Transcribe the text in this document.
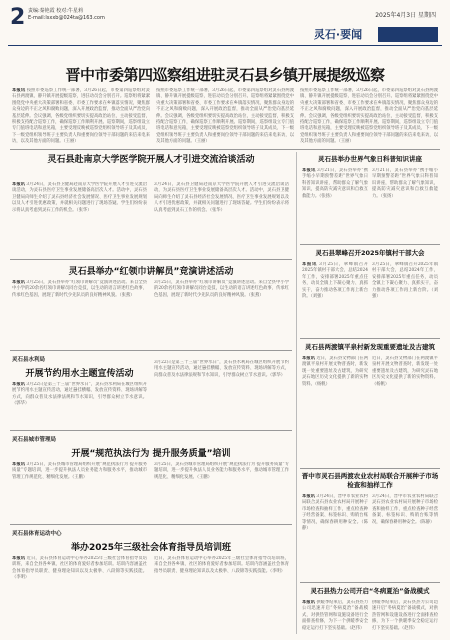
2 责编:秦艳霞 校对:牛星莉
E-mail:lsxxb@024ta@163.com	2025年4月3日 星期四
灵石·要闻
晋中市委第四巡察组进驻灵石县乡镇开展提级巡察
本报讯 按照市委巡察工作统一部署，3月26日起，市委第四巡察组对灵石县两渡镇、静升镇开展提级巡察，进驻动员会分别召开。巡察组将紧紧围绕党中央重大决策部署和省委、市委工作要求在乡镇落实情况，聚焦群众身边的不正之风和腐败问题，深入开展政治监督，推动全面从严治党向基层延伸。会议强调，各级党组织要切实提高政治站位，主动接受监督，积极支持配合巡察工作，确保巡察工作顺利开展。巡察期间，巡察组设立专门值班电话和意见箱，主要受理反映被巡察党组织领导班子及其成员、下一级党组织领导班子主要负责人和重要岗位领导干部问题的来信来电来访，以及其他方面的问题。（王丽）
按照市委巡察工作统一部署，3月26日起，市委第四巡察组对灵石县两渡镇、静升镇开展提级巡察，进驻动员会分别召开。巡察组将紧紧围绕党中央重大决策部署和省委、市委工作要求在乡镇落实情况，聚焦群众身边的不正之风和腐败问题，深入开展政治监督，推动全面从严治党向基层延伸。会议强调，各级党组织要切实提高政治站位，主动接受监督，积极支持配合巡察工作，确保巡察工作顺利开展。巡察期间，巡察组设立专门值班电话和意见箱，主要受理反映被巡察党组织领导班子及其成员、下一级党组织领导班子主要负责人和重要岗位领导干部问题的来信来电来访，以及其他方面的问题。（王丽）
按照市委巡察工作统一部署，3月26日起，市委第四巡察组对灵石县两渡镇、静升镇开展提级巡察，进驻动员会分别召开。巡察组将紧紧围绕党中央重大决策部署和省委、市委工作要求在乡镇落实情况，聚焦群众身边的不正之风和腐败问题，深入开展政治监督，推动全面从严治党向基层延伸。会议强调，各级党组织要切实提高政治站位，主动接受监督，积极支持配合巡察工作，确保巡察工作顺利开展。巡察期间，巡察组设立专门值班电话和意见箱，主要受理反映被巡察党组织领导班子及其成员、下一级党组织领导班子主要负责人和重要岗位领导干部问题的来信来电来访，以及其他方面的问题。（王丽）
灵石县赴南京大学医学院开展人才引进交流洽谈活动
本报讯 3月24日，灵石县卫健局赴南京大学医学院开展人才引进交流洽谈活动，为灵石县医疗卫生事业发展储备高层次人才。活动中，灵石县卫健局向师生介绍了灵石县经济社会发展情况、医疗卫生事业发展规划以及人才引进优惠政策，并就相关问题进行了现场答疑。学生们纷纷表示将认真考虑到灵石工作的机会。（张华）
3月24日，灵石县卫健局赴南京大学医学院开展人才引进交流洽谈活动，为灵石县医疗卫生事业发展储备高层次人才。活动中，灵石县卫健局向师生介绍了灵石县经济社会发展情况、医疗卫生事业发展规划以及人才引进优惠政策，并就相关问题进行了现场答疑。学生们纷纷表示将认真考虑到灵石工作的机会。（张华）
灵石县举办“红领巾讲解员”竞演讲述活动
本报讯 3月25日，灵石县举办“红领巾讲解员”竞演讲述活动。来自全县中小学的20余名红领巾讲解员同台竞技，以生动的语言讲述红色故事、传承红色基因，展现了新时代少先队员的良好精神风貌。（张燕）
3月25日，灵石县举办“红领巾讲解员”竞演讲述活动。来自全县中小学的20余名红领巾讲解员同台竞技，以生动的语言讲述红色故事、传承红色基因，展现了新时代少先队员的良好精神风貌。（张燕）
灵石县水利局
开展节约用水主题宣传活动
本报讯 3月22日是第三十三届“世界水日”，灵石县水利局在城区组织开展节约用水主题宣传活动，通过悬挂横幅、发放宣传资料、现场讲解等方式，向群众普及水法律法规和节水知识，引导群众树立节水意识。（郭华）
3月22日是第三十三届“世界水日”，灵石县水利局在城区组织开展节约用水主题宣传活动，通过悬挂横幅、发放宣传资料、现场讲解等方式，向群众普及水法律法规和节水知识，引导群众树立节水意识。（郭华）
灵石县城市管理局
开展“规范执法行为 提升服务质量”培训
本报讯 3月25日，灵石县城市管理局组织开展“规范执法行为 提升服务质量”专题培训，进一步提升执法人员业务能力和服务水平，推动城市管理工作规范化、精细化发展。（王鹏）
3月25日，灵石县城市管理局组织开展“规范执法行为 提升服务质量”专题培训，进一步提升执法人员业务能力和服务水平，推动城市管理工作规范化、精细化发展。（王鹏）
灵石县体育运动中心
举办2025年三级社会体育指导员培训班
本报讯 近日，灵石县体育运动中心举办2025年三级社会体育指导员培训班，来自全县各乡镇、社区的体育爱好者参加培训。培训内容涵盖社会体育指导员职责、健身理论知识以及太极拳、八段锦等实践技能。（李明）
近日，灵石县体育运动中心举办2025年三级社会体育指导员培训班，来自全县各乡镇、社区的体育爱好者参加培训。培训内容涵盖社会体育指导员职责、健身理论知识以及太极拳、八段锦等实践技能。（李明）
灵石县举办世界气象日科普知识讲座
本报讯 3月21日，灵石县举办“携手缩小早期预警差距”世界气象日科普知识讲座，帮助群众了解气象知识，提高防灾减灾意识和自救互救能力。（张扬）
3月21日，灵石县举办“携手缩小早期预警差距”世界气象日科普知识讲座，帮助群众了解气象知识，提高防灾减灾意识和自救互救能力。（张扬）
灵石县翠峰召开2025年镇村干部大会
本报讯 3月25日，翠峰镇召开2025年镇村干部大会，总结2024年工作，安排部署2025年重点任务，动员全镇上下凝心聚力、真抓实干，奋力推动各项工作再上新台阶。（刘强）
3月25日，翠峰镇召开2025年镇村干部大会，总结2024年工作，安排部署2025年重点任务，动员全镇上下凝心聚力、真抓实干，奋力推动各项工作再上新台阶。（刘强）
灵石县两渡镇平泉村新发现重要遗址及古建筑
本报讯 近日，灵石县文物部门在两渡镇平泉村开展文物普查时，新发现一处重要遗址及古建筑，为研究灵石地区历史文化提供了新的实物资料。（杨帆）
近日，灵石县文物部门在两渡镇平泉村开展文物普查时，新发现一处重要遗址及古建筑，为研究灵石地区历史文化提供了新的实物资料。（杨帆）
晋中市灵石县两渡农业农村局联合开展种子市场检查和抽样工作
本报讯 3月24日，晋中市农业农村局联合灵石县农业农村局开展种子市场检查和抽样工作，重点检查种子经营备案、标签标识、购销台账等情况，确保春耕用种安全。（陈静）
3月24日，晋中市农业农村局联合灵石县农业农村局开展种子市场检查和抽样工作，重点检查种子经营备案、标签标识、购销台账等情况，确保春耕用种安全。（陈静）
灵石县热力公司开启“冬病夏治”备战模式
本报讯 供暖季结束后，灵石县热力公司迅速开启“冬病夏治”备战模式，对供热管网和设施设备进行全面排查检修，为下一个供暖季安全稳定运行打下坚实基础。（赵伟）
供暖季结束后，灵石县热力公司迅速开启“冬病夏治”备战模式，对供热管网和设施设备进行全面排查检修，为下一个供暖季安全稳定运行打下坚实基础。（赵伟）
